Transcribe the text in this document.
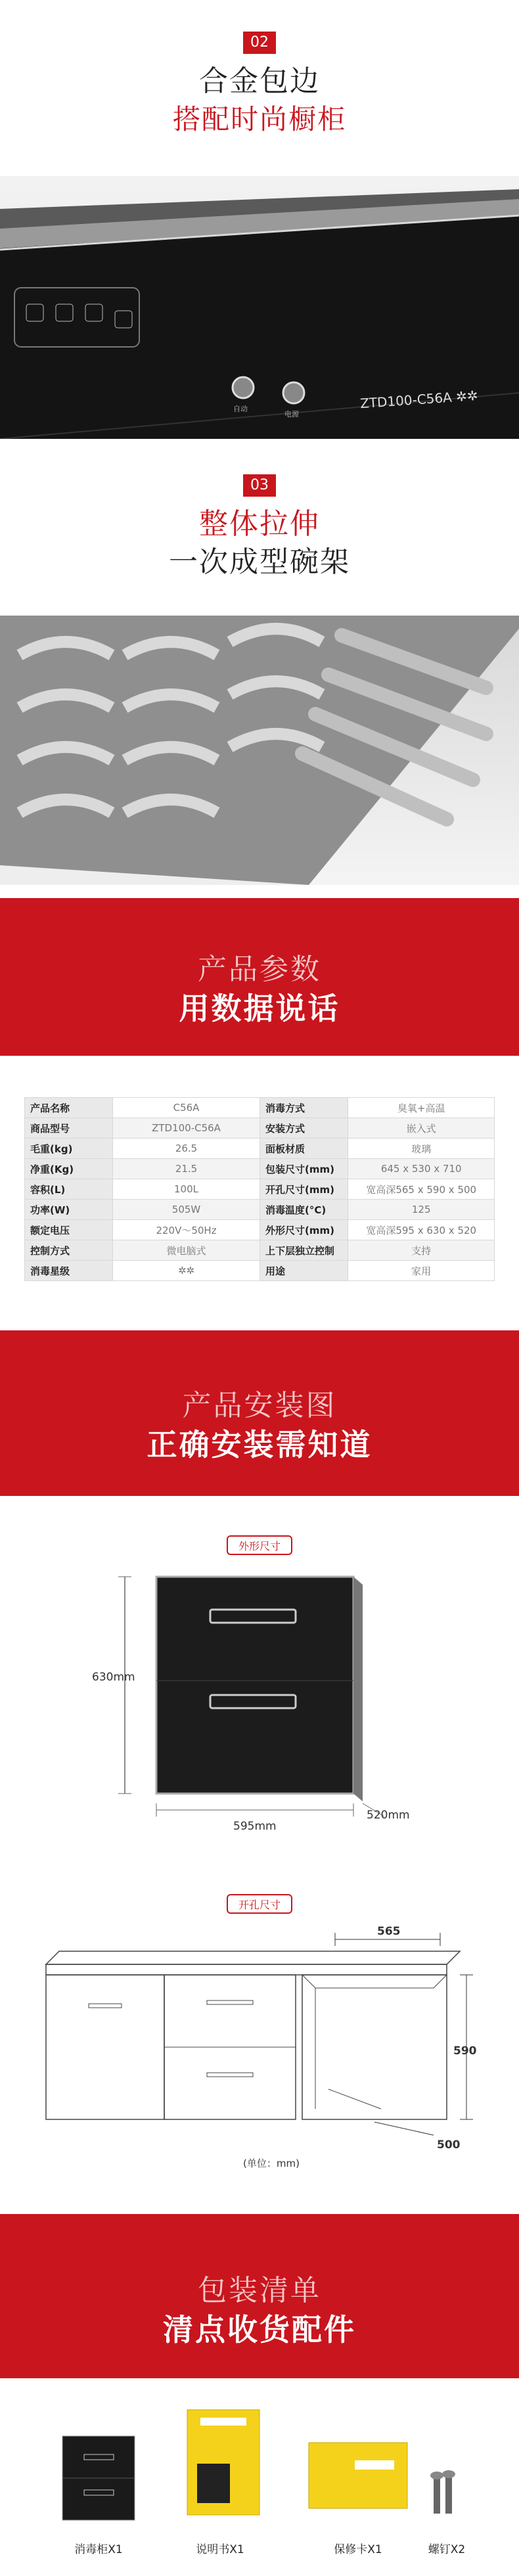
02
合金包边
搭配时尚橱柜
ZTD100-C56A ✲✲
自动
电源
03
整体拉伸
一次成型碗架
产品参数
用数据说话
产品名称	C56A	消毒方式	臭氧+高温
商品型号	ZTD100-C56A	安装方式	嵌入式
毛重(kg)	26.5	面板材质	玻璃
净重(Kg)	21.5	包装尺寸(mm)	645 x 530 x 710
容积(L)	100L	开孔尺寸(mm)	宽高深565 x 590 x 500
功率(W)	505W	消毒温度(°C)	125
额定电压	220V～50Hz	外形尺寸(mm)	宽高深595 x 630 x 520
控制方式	微电脑式	上下层独立控制	支持
消毒星级	✲✲	用途	家用
产品安装图
正确安装需知道
外形尺寸
630mm
595mm
520mm
开孔尺寸
565
590
500
(单位：mm)
包装清单
清点收货配件
消毒柜X1	说明书X1	保修卡X1	螺钉X2
